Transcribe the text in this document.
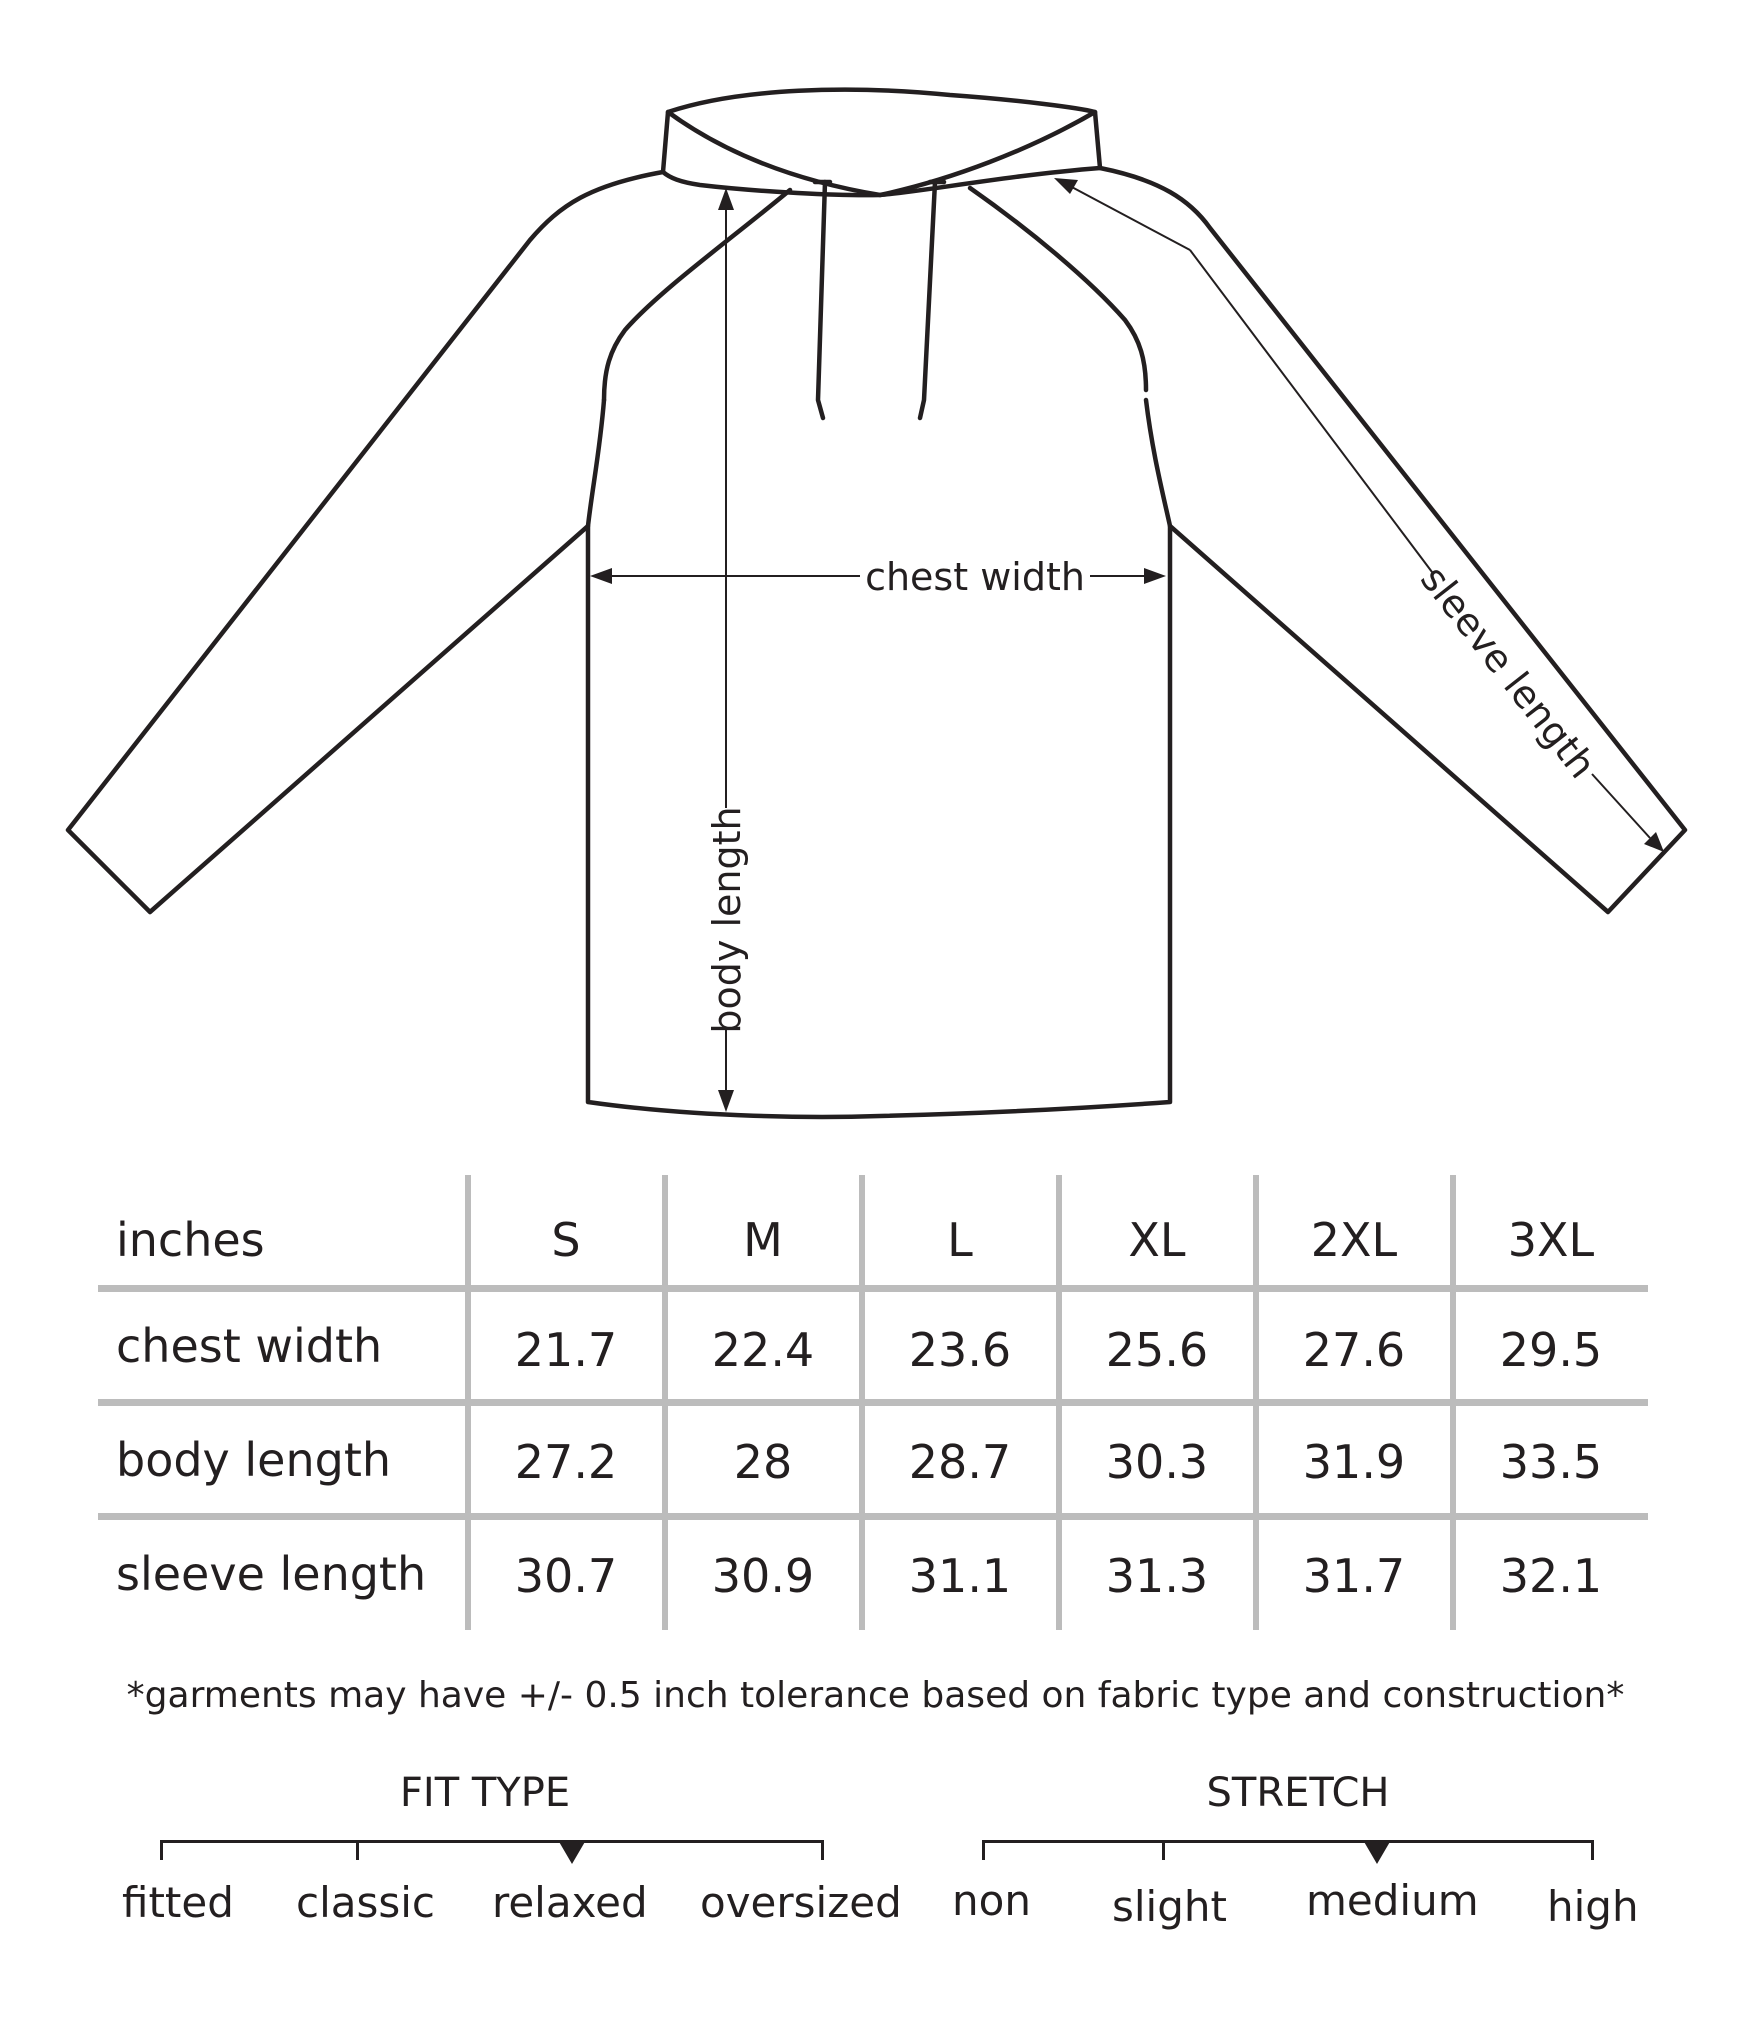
chest width
body length
sleeve length
inches	S	M	L	XL	2XL	3XL
chest width	21.7	22.4	23.6	25.6	27.6	29.5
body length	27.2	28	28.7	30.3	31.9	33.5
sleeve length	30.7	30.9	31.1	31.3	31.7	32.1
*garments may have +/- 0.5 inch tolerance based on fabric type and construction*
FIT TYPE
fitted classic relaxed oversized
STRETCH
non slight medium high
